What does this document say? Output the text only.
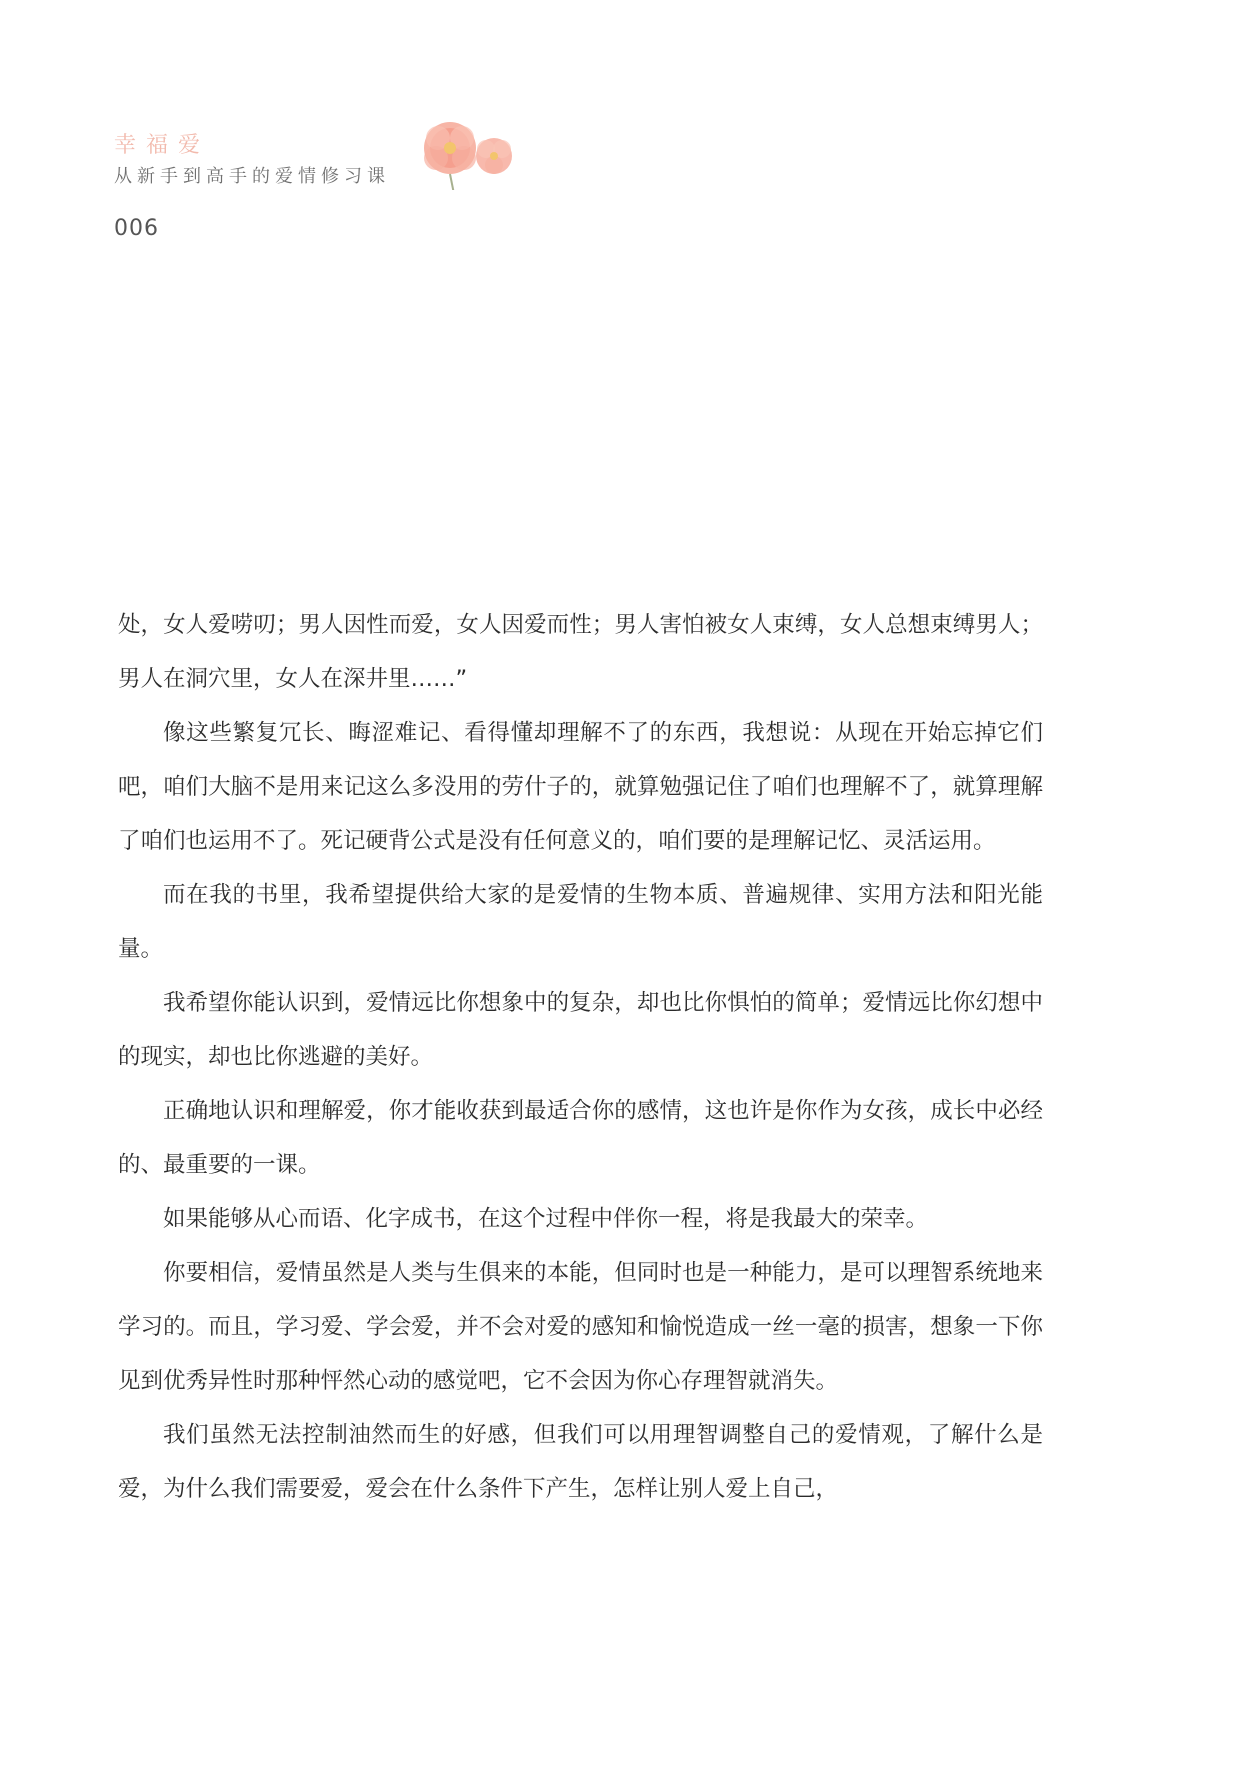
幸福爱
从新手到高手的爱情修习课
006

处，女人爱唠叨；男人因性而爱，女人因爱而性；男人害怕被女人束缚，女人总想束缚男人；男人在洞穴里，女人在深井里……”

像这些繁复冗长、晦涩难记、看得懂却理解不了的东西，我想说：从现在开始忘掉它们吧，咱们大脑不是用来记这么多没用的劳什子的，就算勉强记住了咱们也理解不了，就算理解了咱们也运用不了。死记硬背公式是没有任何意义的，咱们要的是理解记忆、灵活运用。

而在我的书里，我希望提供给大家的是爱情的生物本质、普遍规律、实用方法和阳光能量。

我希望你能认识到，爱情远比你想象中的复杂，却也比你惧怕的简单；爱情远比你幻想中的现实，却也比你逃避的美好。

正确地认识和理解爱，你才能收获到最适合你的感情，这也许是你作为女孩，成长中必经的、最重要的一课。

如果能够从心而语、化字成书，在这个过程中伴你一程，将是我最大的荣幸。

你要相信，爱情虽然是人类与生俱来的本能，但同时也是一种能力，是可以理智系统地来学习的。而且，学习爱、学会爱，并不会对爱的感知和愉悦造成一丝一毫的损害，想象一下你见到优秀异性时那种怦然心动的感觉吧，它不会因为你心存理智就消失。

我们虽然无法控制油然而生的好感，但我们可以用理智调整自己的爱情观，了解什么是爱，为什么我们需要爱，爱会在什么条件下产生，怎样让别人爱上自己，
